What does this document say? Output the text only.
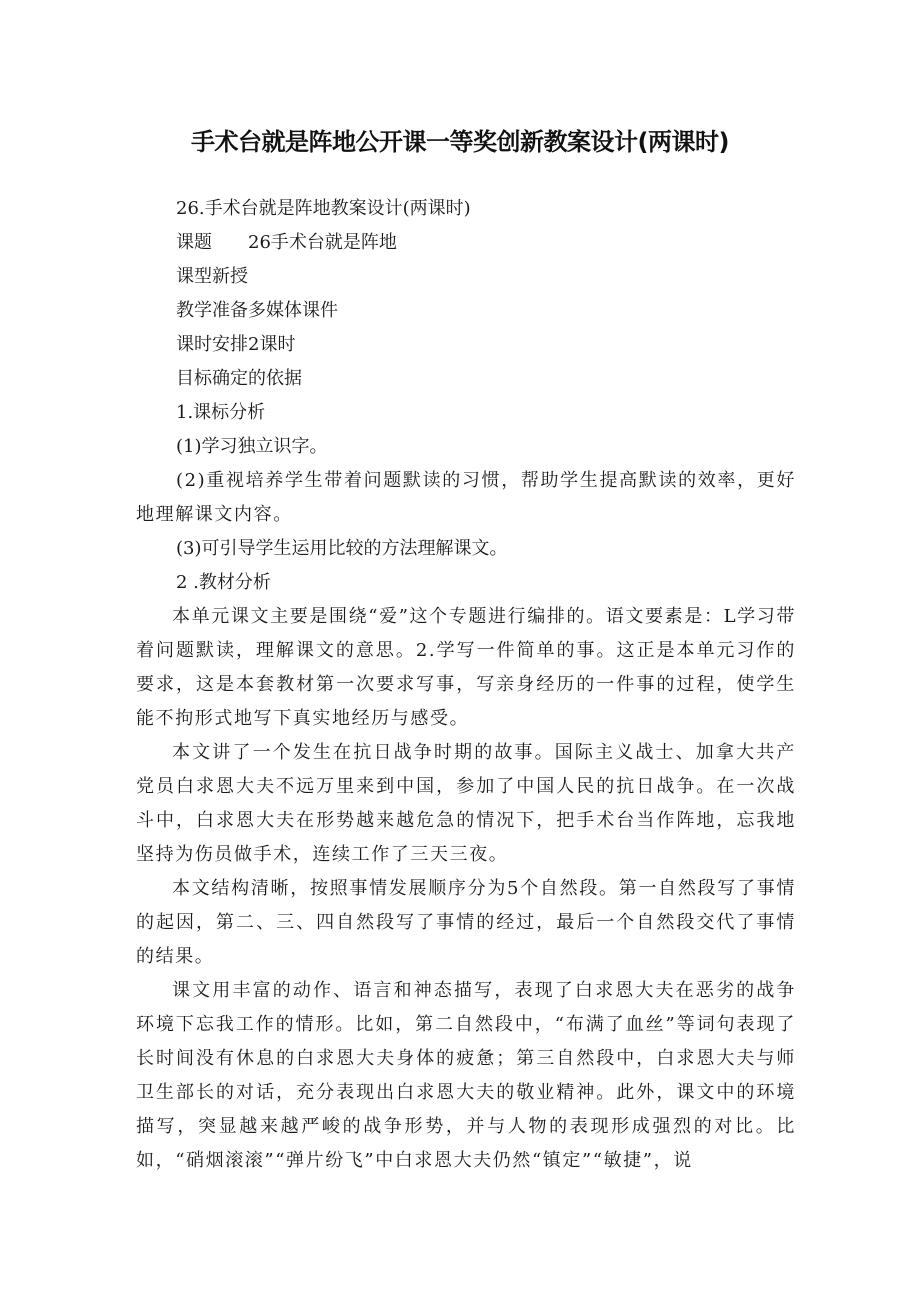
手术台就是阵地公开课一等奖创新教案设计(两课时)
26.手术台就是阵地教案设计(两课时)
课题　　26手术台就是阵地
课型新授
教学准备多媒体课件
课时安排2课时
目标确定的依据
1.课标分析
(1)学习独立识字。
(2)重视培养学生带着问题默读的习惯，帮助学生提高默读的效率，更好地理解课文内容。
(3)可引导学生运用比较的方法理解课文。
2 .教材分析
本单元课文主要是围绕“爱”这个专题进行编排的。语文要素是：L学习带着问题默读，理解课文的意思。2.学写一件简单的事。这正是本单元习作的要求，这是本套教材第一次要求写事，写亲身经历的一件事的过程，使学生能不拘形式地写下真实地经历与感受。
本文讲了一个发生在抗日战争时期的故事。国际主义战士、加拿大共产党员白求恩大夫不远万里来到中国，参加了中国人民的抗日战争。在一次战斗中，白求恩大夫在形势越来越危急的情况下，把手术台当作阵地，忘我地坚持为伤员做手术，连续工作了三天三夜。
本文结构清晰，按照事情发展顺序分为5个自然段。第一自然段写了事情的起因，第二、三、四自然段写了事情的经过，最后一个自然段交代了事情的结果。
课文用丰富的动作、语言和神态描写，表现了白求恩大夫在恶劣的战争环境下忘我工作的情形。比如，第二自然段中，“布满了血丝”等词句表现了长时间没有休息的白求恩大夫身体的疲惫；第三自然段中，白求恩大夫与师卫生部长的对话，充分表现出白求恩大夫的敬业精神。此外，课文中的环境描写，突显越来越严峻的战争形势，并与人物的表现形成强烈的对比。比如，“硝烟滚滚”“弹片纷飞”中白求恩大夫仍然“镇定”“敏捷”，说
